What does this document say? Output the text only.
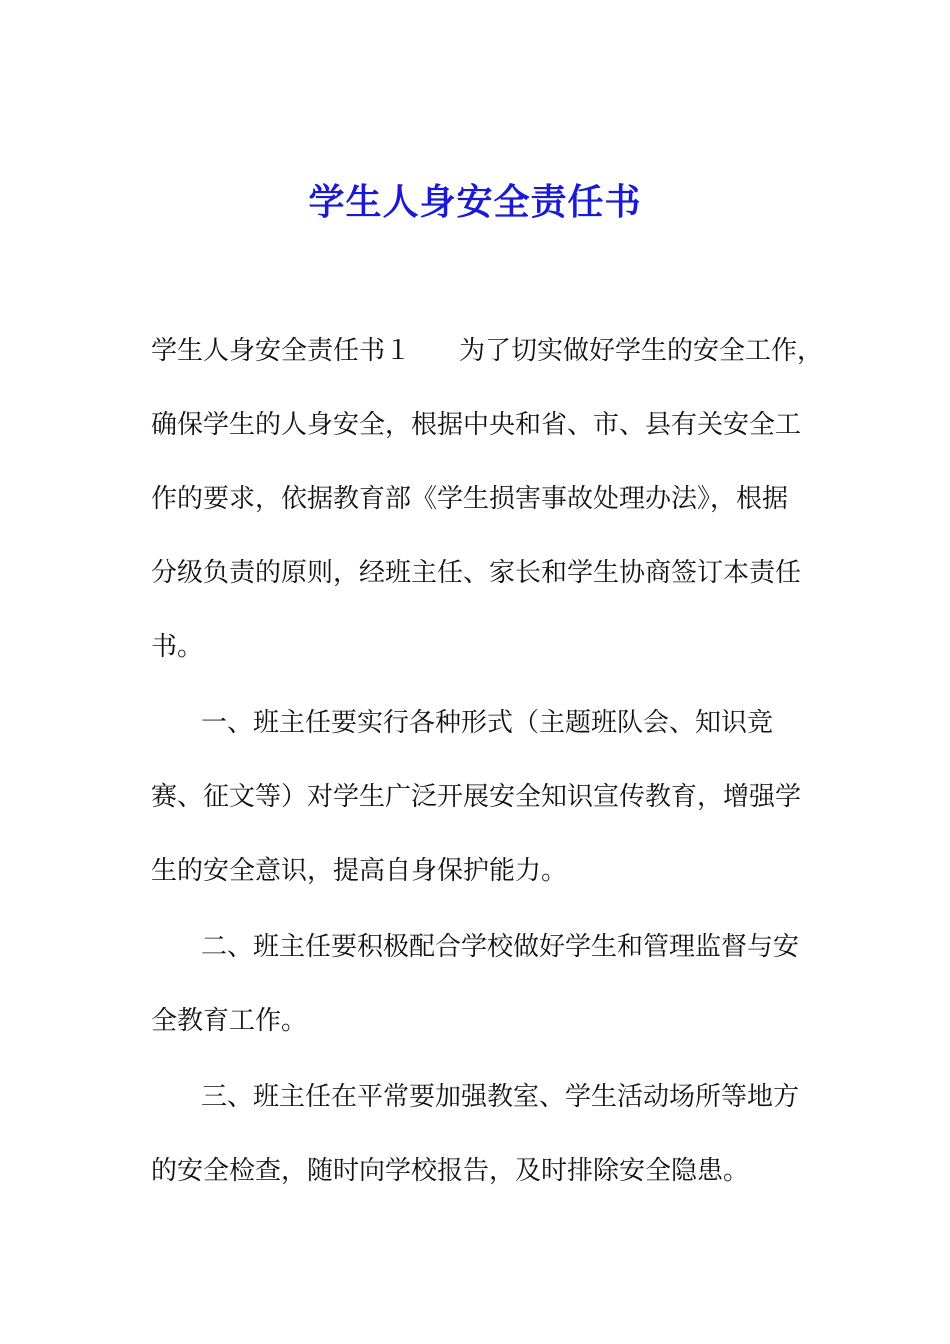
学生人身安全责任书
学生人身安全责任书１ 为了切实做好学生的安全工作，
确保学生的人身安全，根据中央和省、市、县有关安全工
作的要求，依据教育部《学生损害事故处理办法》，根据
分级负责的原则，经班主任、家长和学生协商签订本责任
书。
一、班主任要实行各种形式（主题班队会、知识竞
赛、征文等）对学生广泛开展安全知识宣传教育，增强学
生的安全意识，提高自身保护能力。
二、班主任要积极配合学校做好学生和管理监督与安
全教育工作。
三、班主任在平常要加强教室、学生活动场所等地方
的安全检查，随时向学校报告，及时排除安全隐患。
